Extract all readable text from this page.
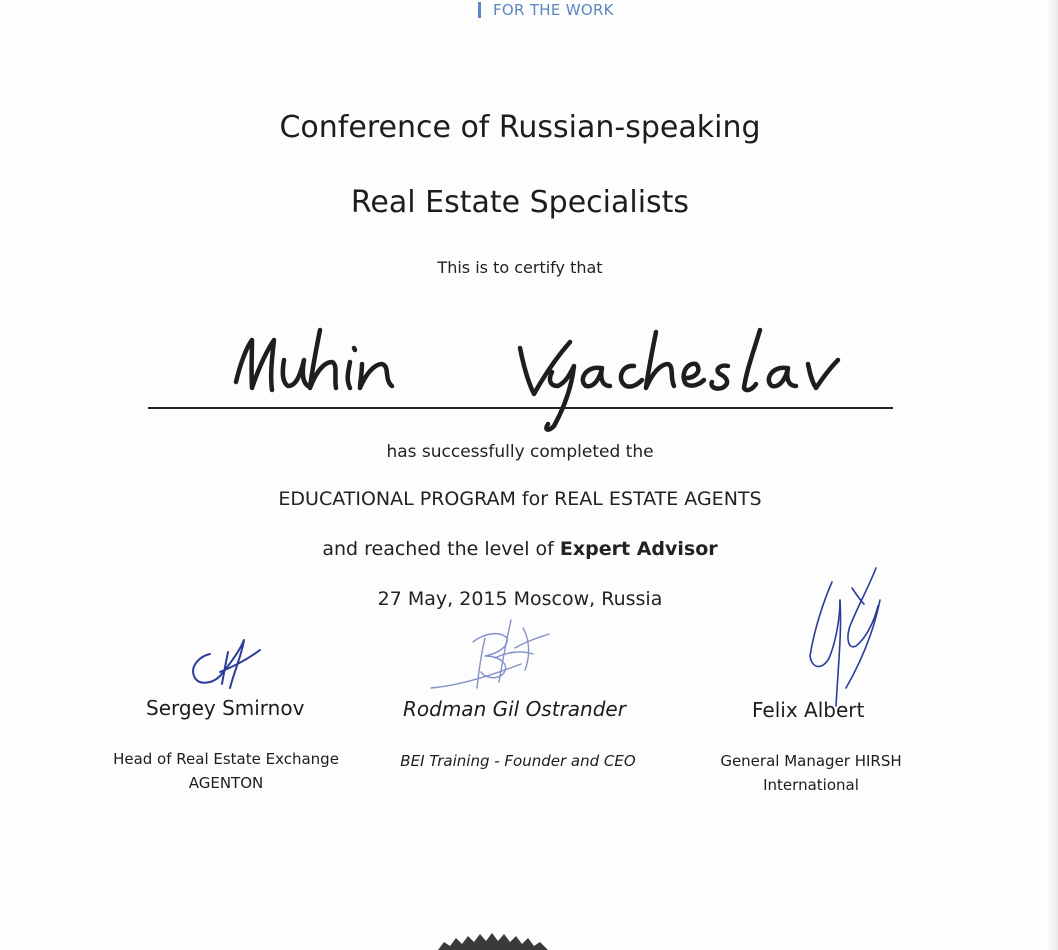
FOR THE WORK
Conference of Russian-speaking
Real Estate Specialists
This is to certify that
has successfully completed the
EDUCATIONAL PROGRAM for REAL ESTATE AGENTS
and reached the level of Expert Advisor
27 May, 2015 Moscow, Russia
Sergey Smirnov
Head of Real Estate Exchange
AGENTON
Rodman Gil Ostrander
BEI Training - Founder and CEO
Felix Albert
General Manager HIRSH
International
